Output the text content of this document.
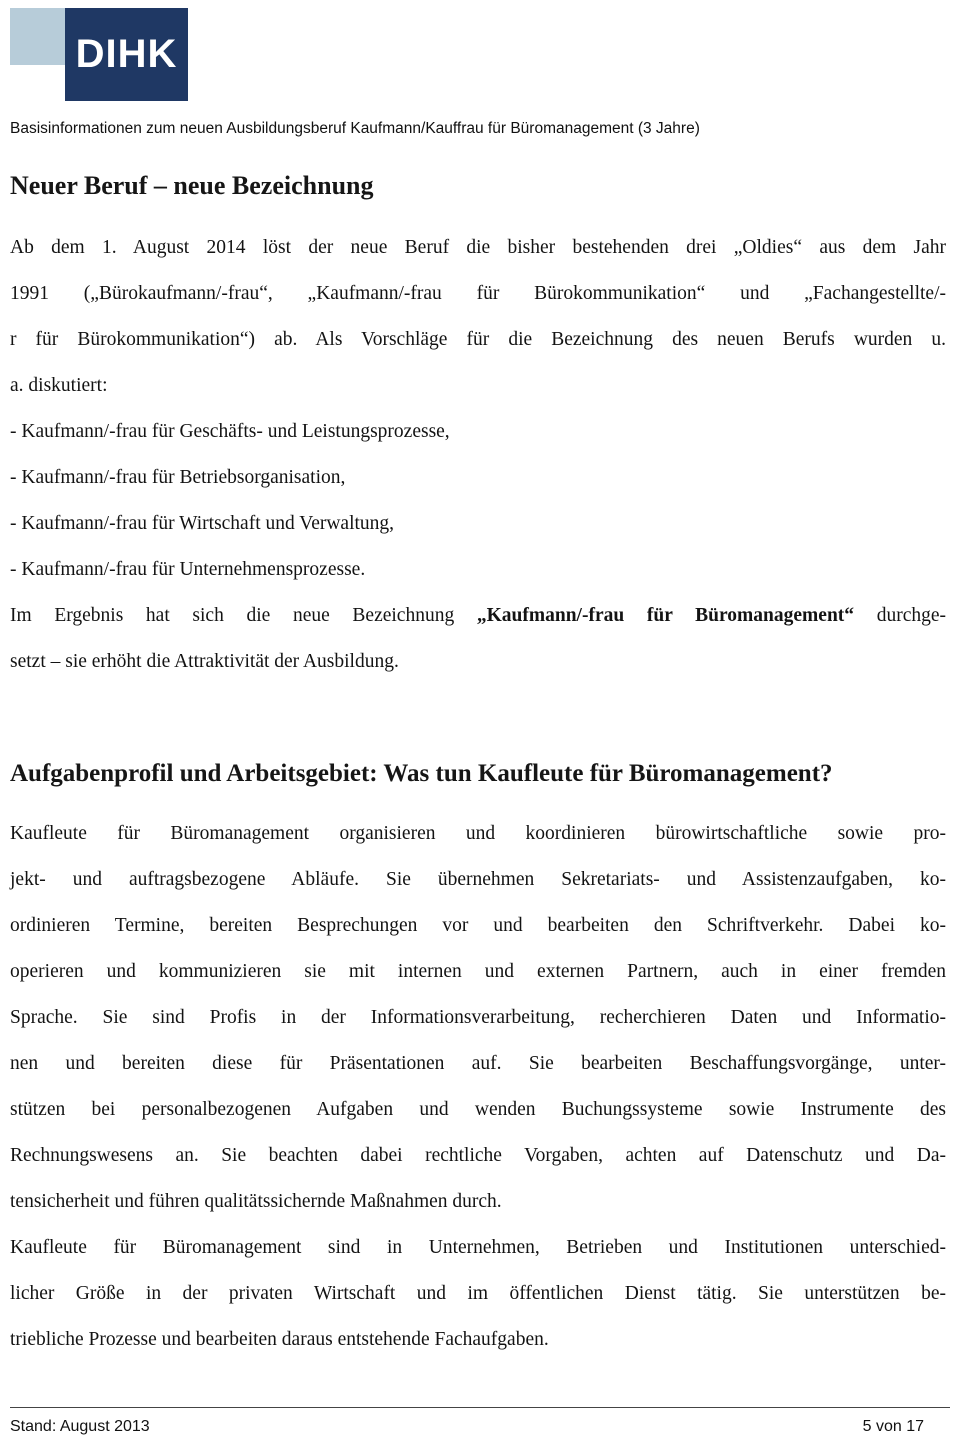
DIHK
Basisinformationen zum neuen Ausbildungsberuf Kaufmann/Kauffrau für Büromanagement (3 Jahre)
Neuer Beruf – neue Bezeichnung
Ab dem 1. August 2014 löst der neue Beruf die bisher bestehenden drei „Oldies“ aus dem Jahr
1991 („Bürokaufmann/-frau“, „Kaufmann/-frau für Bürokommunikation“ und „Fachangestellte/-
r für Bürokommunikation“) ab. Als Vorschläge für die Bezeichnung des neuen Berufs wurden u.
a. diskutiert:
- Kaufmann/-frau für Geschäfts- und Leistungsprozesse,
- Kaufmann/-frau für Betriebsorganisation,
- Kaufmann/-frau für Wirtschaft und Verwaltung,
- Kaufmann/-frau für Unternehmensprozesse.
Im Ergebnis hat sich die neue Bezeichnung „Kaufmann/-frau für Büromanagement“ durchge-
setzt – sie erhöht die Attraktivität der Ausbildung.
Aufgabenprofil und Arbeitsgebiet: Was tun Kaufleute für Büromanagement?
Kaufleute für Büromanagement organisieren und koordinieren bürowirtschaftliche sowie pro-
jekt- und auftragsbezogene Abläufe. Sie übernehmen Sekretariats- und Assistenzaufgaben, ko-
ordinieren Termine, bereiten Besprechungen vor und bearbeiten den Schriftverkehr. Dabei ko-
operieren und kommunizieren sie mit internen und externen Partnern, auch in einer fremden
Sprache. Sie sind Profis in der Informationsverarbeitung, recherchieren Daten und Informatio-
nen und bereiten diese für Präsentationen auf. Sie bearbeiten Beschaffungsvorgänge, unter-
stützen bei personalbezogenen Aufgaben und wenden Buchungssysteme sowie Instrumente des
Rechnungswesens an. Sie beachten dabei rechtliche Vorgaben, achten auf Datenschutz und Da-
tensicherheit und führen qualitätssichernde Maßnahmen durch.
Kaufleute für Büromanagement sind in Unternehmen, Betrieben und Institutionen unterschied-
licher Größe in der privaten Wirtschaft und im öffentlichen Dienst tätig. Sie unterstützen be-
triebliche Prozesse und bearbeiten daraus entstehende Fachaufgaben.
Stand: August 2013	5 von 17
